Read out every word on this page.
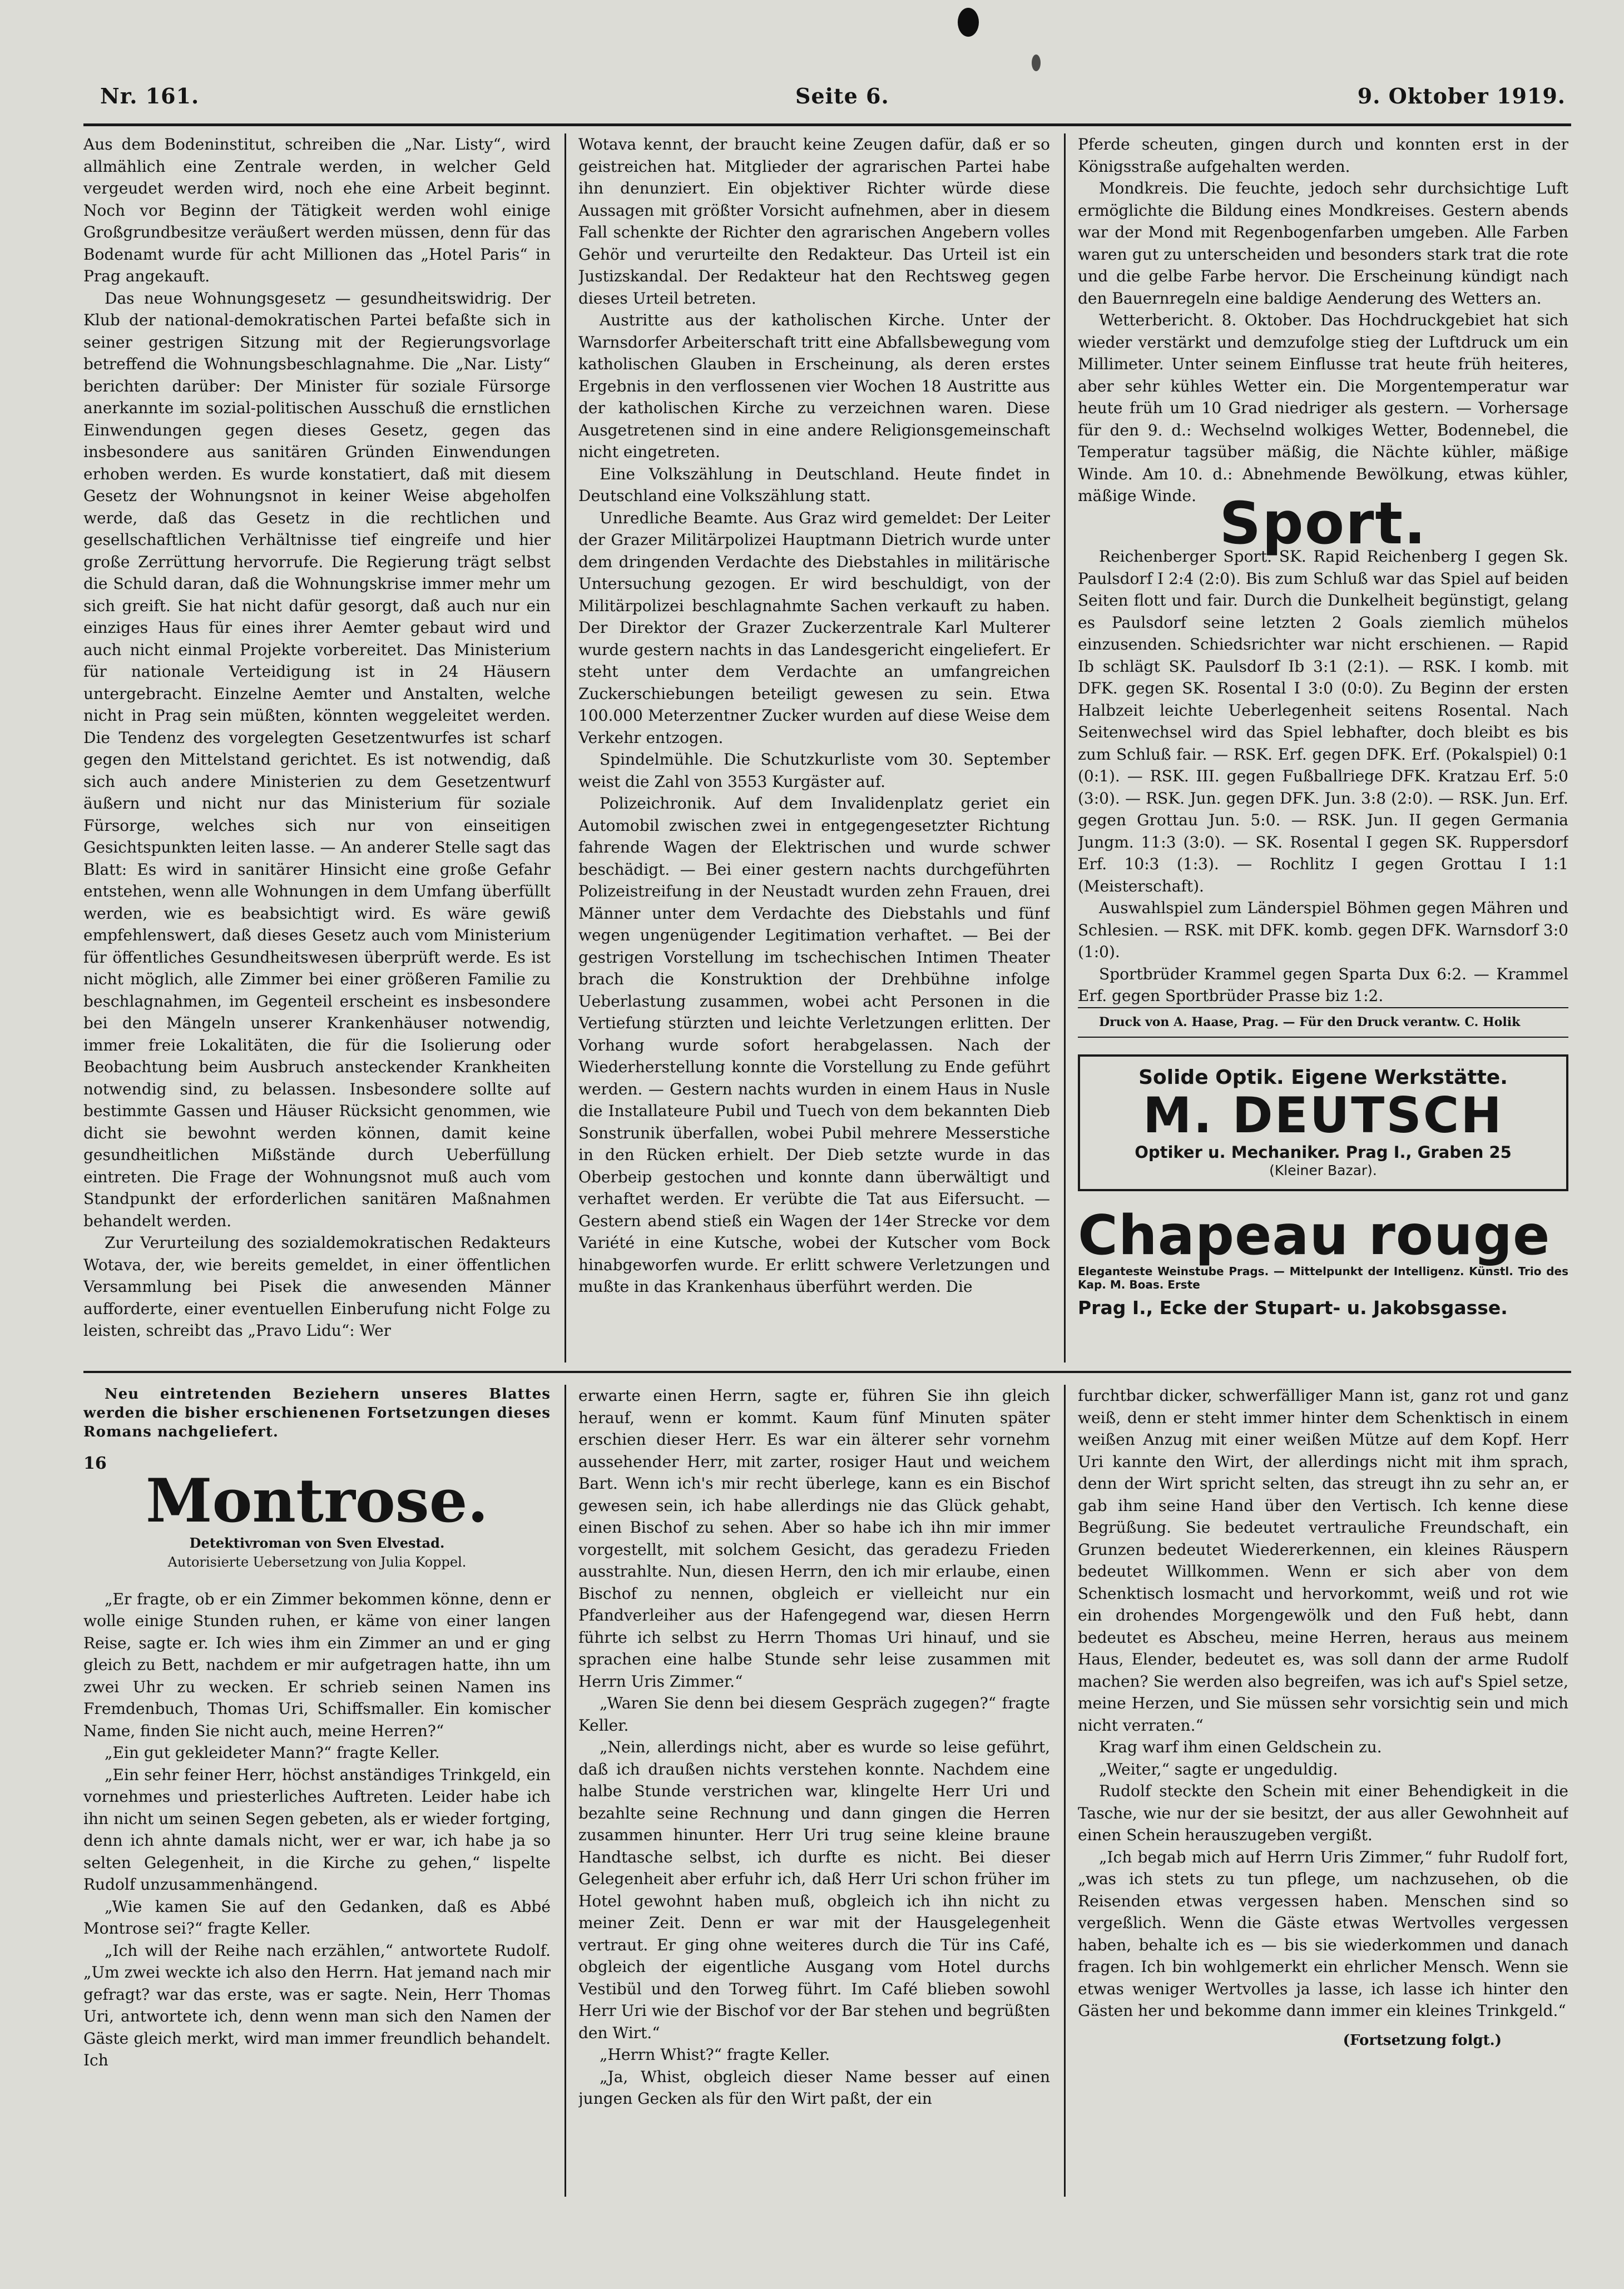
Nr. 161.	Seite 6.	9. Oktober 1919.

Aus dem Bodeninstitut, schreiben die „Nar. Listy“, wird allmählich eine Zentrale werden, in welcher Geld vergeudet werden wird, noch ehe eine Arbeit beginnt. Noch vor Beginn der Tätigkeit werden wohl einige Großgrundbesitze veräußert werden müssen, denn für das Bodenamt wurde für acht Millionen das „Hotel Paris“ in Prag angekauft.

Das neue Wohnungsgesetz — gesundheitswidrig. Der Klub der national-demokratischen Partei befaßte sich in seiner gestrigen Sitzung mit der Regierungsvorlage betreffend die Wohnungsbeschlagnahme. Die „Nar. Listy“ berichten darüber: Der Minister für soziale Fürsorge anerkannte im sozial-politischen Ausschuß die ernstlichen Einwendungen gegen dieses Gesetz, gegen das insbesondere aus sanitären Gründen Einwendungen erhoben werden. Es wurde konstatiert, daß mit diesem Gesetz der Wohnungsnot in keiner Weise abgeholfen werde, daß das Gesetz in die rechtlichen und gesellschaftlichen Verhältnisse tief eingreife und hier große Zerrüttung hervorrufe. Die Regierung trägt selbst die Schuld daran, daß die Wohnungskrise immer mehr um sich greift. Sie hat nicht dafür gesorgt, daß auch nur ein einziges Haus für eines ihrer Aemter gebaut wird und auch nicht einmal Projekte vorbereitet. Das Ministerium für nationale Verteidigung ist in 24 Häusern untergebracht. Einzelne Aemter und Anstalten, welche nicht in Prag sein müßten, könnten weggeleitet werden. Die Tendenz des vorgelegten Gesetzentwurfes ist scharf gegen den Mittelstand gerichtet. Es ist notwendig, daß sich auch andere Ministerien zu dem Gesetzentwurf äußern und nicht nur das Ministerium für soziale Fürsorge, welches sich nur von einseitigen Gesichtspunkten leiten lasse. — An anderer Stelle sagt das Blatt: Es wird in sanitärer Hinsicht eine große Gefahr entstehen, wenn alle Wohnungen in dem Umfang überfüllt werden, wie es beabsichtigt wird. Es wäre gewiß empfehlenswert, daß dieses Gesetz auch vom Ministerium für öffentliches Gesundheitswesen überprüft werde. Es ist nicht möglich, alle Zimmer bei einer größeren Familie zu beschlagnahmen, im Gegenteil erscheint es insbesondere bei den Mängeln unserer Krankenhäuser notwendig, immer freie Lokalitäten, die für die Isolierung oder Beobachtung beim Ausbruch ansteckender Krankheiten notwendig sind, zu belassen. Insbesondere sollte auf bestimmte Gassen und Häuser Rücksicht genommen, wie dicht sie bewohnt werden können, damit keine gesundheitlichen Mißstände durch Ueberfüllung eintreten. Die Frage der Wohnungsnot muß auch vom Standpunkt der erforderlichen sanitären Maßnahmen behandelt werden.

Zur Verurteilung des sozialdemokratischen Redakteurs Wotava, der, wie bereits gemeldet, in einer öffentlichen Versammlung bei Pisek die anwesenden Männer aufforderte, einer eventuellen Einberufung nicht Folge zu leisten, schreibt das „Pravo Lidu“: Wer

Wotava kennt, der braucht keine Zeugen dafür, daß er so geistreichen hat. Mitglieder der agrarischen Partei habe ihn denunziert. Ein objektiver Richter würde diese Aussagen mit größter Vorsicht aufnehmen, aber in diesem Fall schenkte der Richter den agrarischen Angebern volles Gehör und verurteilte den Redakteur. Das Urteil ist ein Justizskandal. Der Redakteur hat den Rechtsweg gegen dieses Urteil betreten.

Austritte aus der katholischen Kirche. Unter der Warnsdorfer Arbeiterschaft tritt eine Abfallsbewegung vom katholischen Glauben in Erscheinung, als deren erstes Ergebnis in den verflossenen vier Wochen 18 Austritte aus der katholischen Kirche zu verzeichnen waren. Diese Ausgetretenen sind in eine andere Religionsgemeinschaft nicht eingetreten.

Eine Volkszählung in Deutschland. Heute findet in Deutschland eine Volkszählung statt.

Unredliche Beamte. Aus Graz wird gemeldet: Der Leiter der Grazer Militärpolizei Hauptmann Dietrich wurde unter dem dringenden Verdachte des Diebstahles in militärische Untersuchung gezogen. Er wird beschuldigt, von der Militärpolizei beschlagnahmte Sachen verkauft zu haben. Der Direktor der Grazer Zuckerzentrale Karl Multerer wurde gestern nachts in das Landesgericht eingeliefert. Er steht unter dem Verdachte an umfangreichen Zuckerschiebungen beteiligt gewesen zu sein. Etwa 100.000 Meterzentner Zucker wurden auf diese Weise dem Verkehr entzogen.

Spindelmühle. Die Schutzkurliste vom 30. September weist die Zahl von 3553 Kurgäster auf.

Polizeichronik. Auf dem Invalidenplatz geriet ein Automobil zwischen zwei in entgegengesetzter Richtung fahrende Wagen der Elektrischen und wurde schwer beschädigt. — Bei einer gestern nachts durchgeführten Polizeistreifung in der Neustadt wurden zehn Frauen, drei Männer unter dem Verdachte des Diebstahls und fünf wegen ungenügender Legitimation verhaftet. — Bei der gestrigen Vorstellung im tschechischen Intimen Theater brach die Konstruktion der Drehbühne infolge Ueberlastung zusammen, wobei acht Personen in die Vertiefung stürzten und leichte Verletzungen erlitten. Der Vorhang wurde sofort herabgelassen. Nach der Wiederherstellung konnte die Vorstellung zu Ende geführt werden. — Gestern nachts wurden in einem Haus in Nusle die Installateure Pubil und Tuech von dem bekannten Dieb Sonstrunik überfallen, wobei Pubil mehrere Messerstiche in den Rücken erhielt. Der Dieb setzte wurde in das Oberbeip gestochen und konnte dann überwältigt und verhaftet werden. Er verübte die Tat aus Eifersucht. — Gestern abend stieß ein Wagen der 14er Strecke vor dem Variété in eine Kutsche, wobei der Kutscher vom Bock hinabgeworfen wurde. Er erlitt schwere Verletzungen und mußte in das Krankenhaus überführt werden. Die

Pferde scheuten, gingen durch und konnten erst in der Königsstraße aufgehalten werden.

Mondkreis. Die feuchte, jedoch sehr durchsichtige Luft ermöglichte die Bildung eines Mondkreises. Gestern abends war der Mond mit Regenbogenfarben umgeben. Alle Farben waren gut zu unterscheiden und besonders stark trat die rote und die gelbe Farbe hervor. Die Erscheinung kündigt nach den Bauernregeln eine baldige Aenderung des Wetters an.

Wetterbericht. 8. Oktober. Das Hochdruckgebiet hat sich wieder verstärkt und demzufolge stieg der Luftdruck um ein Millimeter. Unter seinem Einflusse trat heute früh heiteres, aber sehr kühles Wetter ein. Die Morgentemperatur war heute früh um 10 Grad niedriger als gestern. — Vorhersage für den 9. d.: Wechselnd wolkiges Wetter, Bodennebel, die Temperatur tagsüber mäßig, die Nächte kühler, mäßige Winde. Am 10. d.: Abnehmende Bewölkung, etwas kühler, mäßige Winde. Sport.

Reichenberger Sport. SK. Rapid Reichenberg I gegen Sk. Paulsdorf I 2:4 (2:0). Bis zum Schluß war das Spiel auf beiden Seiten flott und fair. Durch die Dunkelheit begünstigt, gelang es Paulsdorf seine letzten 2 Goals ziemlich mühelos einzusenden. Schiedsrichter war nicht erschienen. — Rapid Ib schlägt SK. Paulsdorf Ib 3:1 (2:1). — RSK. I komb. mit DFK. gegen SK. Rosental I 3:0 (0:0). Zu Beginn der ersten Halbzeit leichte Ueberlegenheit seitens Rosental. Nach Seitenwechsel wird das Spiel lebhafter, doch bleibt es bis zum Schluß fair. — RSK. Erf. gegen DFK. Erf. (Pokalspiel) 0:1 (0:1). — RSK. III. gegen Fußballriege DFK. Kratzau Erf. 5:0 (3:0). — RSK. Jun. gegen DFK. Jun. 3:8 (2:0). — RSK. Jun. Erf. gegen Grottau Jun. 5:0. — RSK. Jun. II gegen Germania Jungm. 11:3 (3:0). — SK. Rosental I gegen SK. Ruppersdorf Erf. 10:3 (1:3). — Rochlitz I gegen Grottau I 1:1 (Meisterschaft).

Auswahlspiel zum Länderspiel Böhmen gegen Mähren und Schlesien. — RSK. mit DFK. komb. gegen DFK. Warnsdorf 3:0 (1:0).

Sportbrüder Krammel gegen Sparta Dux 6:2. — Krammel Erf. gegen Sportbrüder Prasse biz 1:2.

Druck von A. Haase, Prag. — Für den Druck verantw. C. Holik

Solide Optik. Eigene Werkstätte.
M. DEUTSCH
Optiker u. Mechaniker. Prag I., Graben 25
(Kleiner Bazar).
Chapeau rouge
Eleganteste Weinstube Prags. — Mittelpunkt der Intelligenz. Künstl. Trio des Kap. M. Boas. Erste
Prag I., Ecke der Stupart- u. Jakobsgasse.

Neu eintretenden Beziehern unseres Blattes werden die bisher erschienenen Fortsetzungen dieses Romans nachgeliefert.

16
Montrose.
Detektivroman von Sven Elvestad.
Autorisierte Uebersetzung von Julia Koppel.

„Er fragte, ob er ein Zimmer bekommen könne, denn er wolle einige Stunden ruhen, er käme von einer langen Reise, sagte er. Ich wies ihm ein Zimmer an und er ging gleich zu Bett, nachdem er mir aufgetragen hatte, ihn um zwei Uhr zu wecken. Er schrieb seinen Namen ins Fremdenbuch, Thomas Uri, Schiffsmaller. Ein komischer Name, finden Sie nicht auch, meine Herren?“

„Ein gut gekleideter Mann?“ fragte Keller.

„Ein sehr feiner Herr, höchst anständiges Trinkgeld, ein vornehmes und priesterliches Auftreten. Leider habe ich ihn nicht um seinen Segen gebeten, als er wieder fortging, denn ich ahnte damals nicht, wer er war, ich habe ja so selten Gelegenheit, in die Kirche zu gehen,“ lispelte Rudolf unzusammenhängend.

„Wie kamen Sie auf den Gedanken, daß es Abbé Montrose sei?“ fragte Keller.

„Ich will der Reihe nach erzählen,“ antwortete Rudolf. „Um zwei weckte ich also den Herrn. Hat jemand nach mir gefragt? war das erste, was er sagte. Nein, Herr Thomas Uri, antwortete ich, denn wenn man sich den Namen der Gäste gleich merkt, wird man immer freundlich behandelt. Ich

erwarte einen Herrn, sagte er, führen Sie ihn gleich herauf, wenn er kommt. Kaum fünf Minuten später erschien dieser Herr. Es war ein älterer sehr vornehm aussehender Herr, mit zarter, rosiger Haut und weichem Bart. Wenn ich's mir recht überlege, kann es ein Bischof gewesen sein, ich habe allerdings nie das Glück gehabt, einen Bischof zu sehen. Aber so habe ich ihn mir immer vorgestellt, mit solchem Gesicht, das geradezu Frieden ausstrahlte. Nun, diesen Herrn, den ich mir erlaube, einen Bischof zu nennen, obgleich er vielleicht nur ein Pfandverleiher aus der Hafengegend war, diesen Herrn führte ich selbst zu Herrn Thomas Uri hinauf, und sie sprachen eine halbe Stunde sehr leise zusammen mit Herrn Uris Zimmer.“

„Waren Sie denn bei diesem Gespräch zugegen?“ fragte Keller.

„Nein, allerdings nicht, aber es wurde so leise geführt, daß ich draußen nichts verstehen konnte. Nachdem eine halbe Stunde verstrichen war, klingelte Herr Uri und bezahlte seine Rechnung und dann gingen die Herren zusammen hinunter. Herr Uri trug seine kleine braune Handtasche selbst, ich durfte es nicht. Bei dieser Gelegenheit aber erfuhr ich, daß Herr Uri schon früher im Hotel gewohnt haben muß, obgleich ich ihn nicht zu meiner Zeit. Denn er war mit der Hausgelegenheit vertraut. Er ging ohne weiteres durch die Tür ins Café, obgleich der eigentliche Ausgang vom Hotel durchs Vestibül und den Torweg führt. Im Café blieben sowohl Herr Uri wie der Bischof vor der Bar stehen und begrüßten den Wirt.“

„Herrn Whist?“ fragte Keller.

„Ja, Whist, obgleich dieser Name besser auf einen jungen Gecken als für den Wirt paßt, der ein

furchtbar dicker, schwerfälliger Mann ist, ganz rot und ganz weiß, denn er steht immer hinter dem Schenktisch in einem weißen Anzug mit einer weißen Mütze auf dem Kopf. Herr Uri kannte den Wirt, der allerdings nicht mit ihm sprach, denn der Wirt spricht selten, das streugt ihn zu sehr an, er gab ihm seine Hand über den Vertisch. Ich kenne diese Begrüßung. Sie bedeutet vertrauliche Freundschaft, ein Grunzen bedeutet Wiedererkennen, ein kleines Räuspern bedeutet Willkommen. Wenn er sich aber von dem Schenktisch losmacht und hervorkommt, weiß und rot wie ein drohendes Morgengewölk und den Fuß hebt, dann bedeutet es Abscheu, meine Herren, heraus aus meinem Haus, Elender, bedeutet es, was soll dann der arme Rudolf machen? Sie werden also begreifen, was ich auf's Spiel setze, meine Herzen, und Sie müssen sehr vorsichtig sein und mich nicht verraten.“

Krag warf ihm einen Geldschein zu.

„Weiter,“ sagte er ungeduldig.

Rudolf steckte den Schein mit einer Behendigkeit in die Tasche, wie nur der sie besitzt, der aus aller Gewohnheit auf einen Schein herauszugeben vergißt.

„Ich begab mich auf Herrn Uris Zimmer,“ fuhr Rudolf fort, „was ich stets zu tun pflege, um nachzusehen, ob die Reisenden etwas vergessen haben. Menschen sind so vergeßlich. Wenn die Gäste etwas Wertvolles vergessen haben, behalte ich es — bis sie wiederkommen und danach fragen. Ich bin wohlgemerkt ein ehrlicher Mensch. Wenn sie etwas weniger Wertvolles ja lasse, ich lasse ich hinter den Gästen her und bekomme dann immer ein kleines Trinkgeld.“

(Fortsetzung folgt.)
